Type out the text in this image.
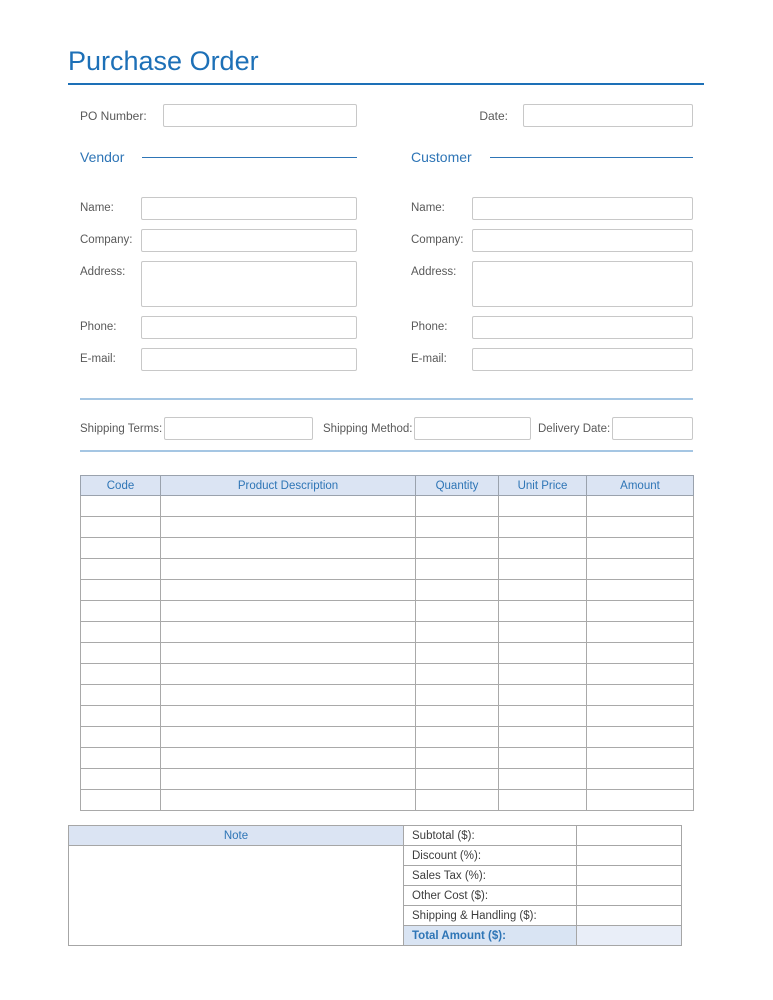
Purchase Order
PO Number:	Date:
Vendor
Name:
Company:
Address:
Phone:
E-mail:
Customer
Name:
Company:
Address:
Phone:
E-mail:
Shipping Terms:	Shipping Method:	Delivery Date:
Code	Product Description	Quantity	Unit Price	Amount

Note	Subtotal ($):	
	Discount (%):	
	Sales Tax (%):	
	Other Cost ($):	
	Shipping & Handling ($):	
	Total Amount ($):	
